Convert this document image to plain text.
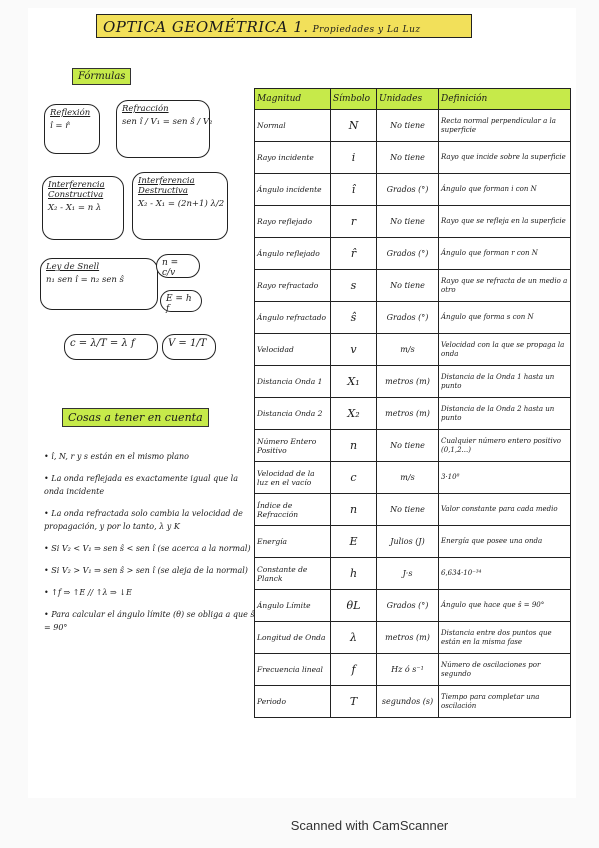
OPTICA GEOMÉTRICA 1. Propiedades y La Luz
Fórmulas
Reflexión
î = r̂
Refracción
sen î / V₁ = sen ŝ / V₂
Interferencia Constructiva
X₂ - X₁ = n λ
Interferencia Destructiva
X₂ - X₁ = (2n+1) λ/2
Ley de Snell
n₁ sen î = n₂ sen ŝ
n = c/v
E = h f
c = λ/T = λ f	V = 1/T
Cosas a tener en cuenta
• î, N, r y s están en el mismo plano
• La onda reflejada es exactamente igual que la onda incidente
• La onda refractada solo cambia la velocidad de propagación, y por lo tanto, λ y K
• Si V₂ < V₁ ⇒ sen ŝ < sen î (se acerca a la normal)
• Si V₂ > V₁ ⇒ sen ŝ > sen î (se aleja de la normal)
• ↑f ⇒ ↑E // ↑λ ⇒ ↓E
• Para calcular el ángulo límite (θ) se obliga a que ŝ = 90°
Magnitud	Símbolo	Unidades	Definición
Normal	N	No tiene	Recta normal perpendicular a la superficie
Rayo incidente	i	No tiene	Rayo que incide sobre la superficie
Ángulo incidente	î	Grados (°)	Ángulo que forman i con N
Rayo reflejado	r	No tiene	Rayo que se refleja en la superficie
Ángulo reflejado	r̂	Grados (°)	Ángulo que forman r con N
Rayo refractado	s	No tiene	Rayo que se refracta de un medio a otro
Ángulo refractado	ŝ	Grados (°)	Ángulo que forma s con N
Velocidad	v	m/s	Velocidad con la que se propaga la onda
Distancia Onda 1	X₁	metros (m)	Distancia de la Onda 1 hasta un punto
Distancia Onda 2	X₂	metros (m)	Distancia de la Onda 2 hasta un punto
Número Entero Positivo	n	No tiene	Cualquier número entero positivo (0,1,2...)
Velocidad de la luz en el vacío	c	m/s	3·10⁸
Índice de Refracción	n	No tiene	Valor constante para cada medio
Energía	E	Julios (J)	Energía que posee una onda
Constante de Planck	h	J·s	6,634·10⁻³⁴
Ángulo Límite	θL	Grados (°)	Ángulo que hace que ŝ = 90°
Longitud de Onda	λ	metros (m)	Distancia entre dos puntos que están en la misma fase
Frecuencia lineal	f	Hz ó s⁻¹	Número de oscilaciones por segundo
Periodo	T	segundos (s)	Tiempo para completar una oscilación
Scanned with CamScanner
